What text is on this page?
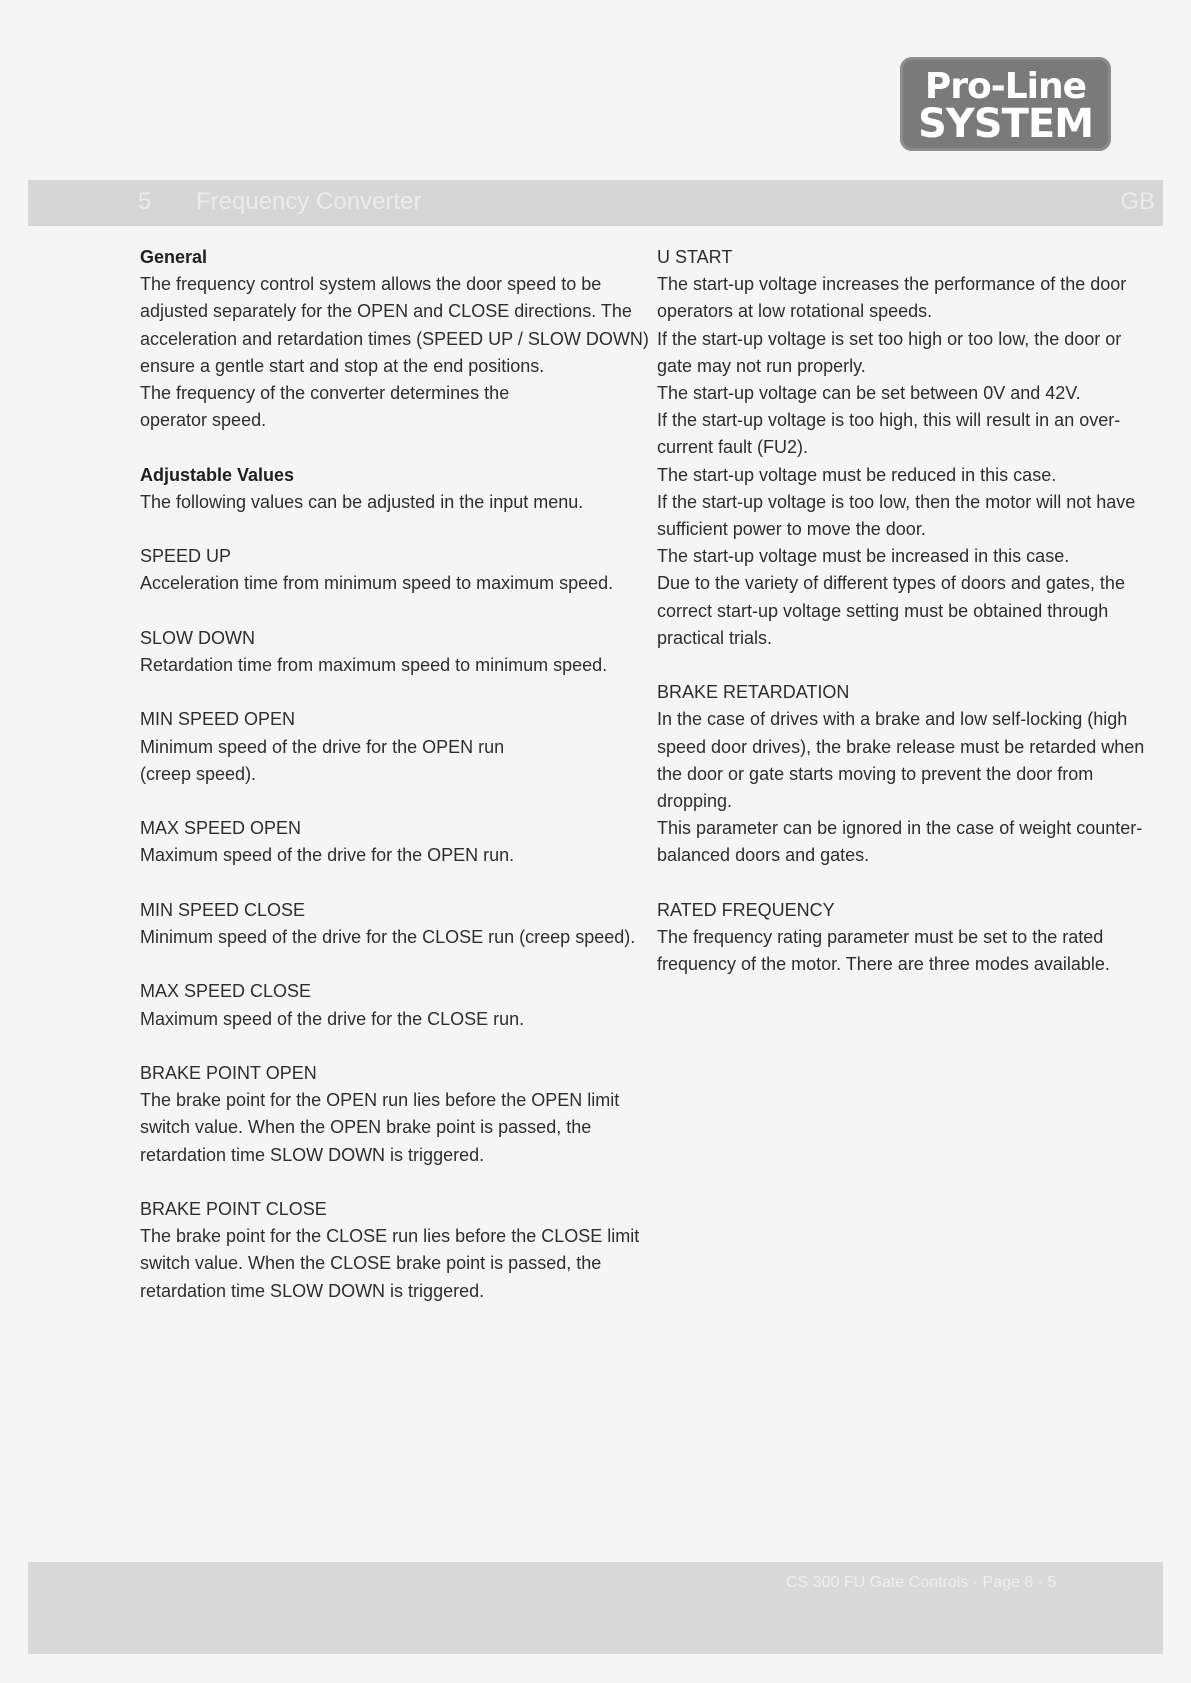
Pro-Line
SYSTEM
5 Frequency Converter	GB
General
The frequency control system allows the door speed to be
adjusted separately for the OPEN and CLOSE directions. The
acceleration and retardation times (SPEED UP / SLOW DOWN)
ensure a gentle start and stop at the end positions.
The frequency of the converter determines the
operator speed.
Adjustable Values
The following values can be adjusted in the input menu.
SPEED UP
Acceleration time from minimum speed to maximum speed.
SLOW DOWN
Retardation time from maximum speed to minimum speed.
MIN SPEED OPEN
Minimum speed of the drive for the OPEN run
(creep speed).
MAX SPEED OPEN
Maximum speed of the drive for the OPEN run.
MIN SPEED CLOSE
Minimum speed of the drive for the CLOSE run (creep speed).
MAX SPEED CLOSE
Maximum speed of the drive for the CLOSE run.
BRAKE POINT OPEN
The brake point for the OPEN run lies before the OPEN limit
switch value. When the OPEN brake point is passed, the
retardation time SLOW DOWN is triggered.
BRAKE POINT CLOSE
The brake point for the CLOSE run lies before the CLOSE limit
switch value. When the CLOSE brake point is passed, the
retardation time SLOW DOWN is triggered.
U START
The start-up voltage increases the performance of the door
operators at low rotational speeds.
If the start-up voltage is set too high or too low, the door or
gate may not run properly.
The start-up voltage can be set between 0V and 42V.
If the start-up voltage is too high, this will result in an over-
current fault (FU2).
The start-up voltage must be reduced in this case.
If the start-up voltage is too low, then the motor will not have
sufficient power to move the door.
The start-up voltage must be increased in this case.
Due to the variety of different types of doors and gates, the
correct start-up voltage setting must be obtained through
practical trials.
BRAKE RETARDATION
In the case of drives with a brake and low self-locking (high
speed door drives), the brake release must be retarded when
the door or gate starts moving to prevent the door from
dropping.
This parameter can be ignored in the case of weight counter-
balanced doors and gates.
RATED FREQUENCY
The frequency rating parameter must be set to the rated
frequency of the motor. There are three modes available.
CS 300 FU Gate Controls · Page 8 · 5
